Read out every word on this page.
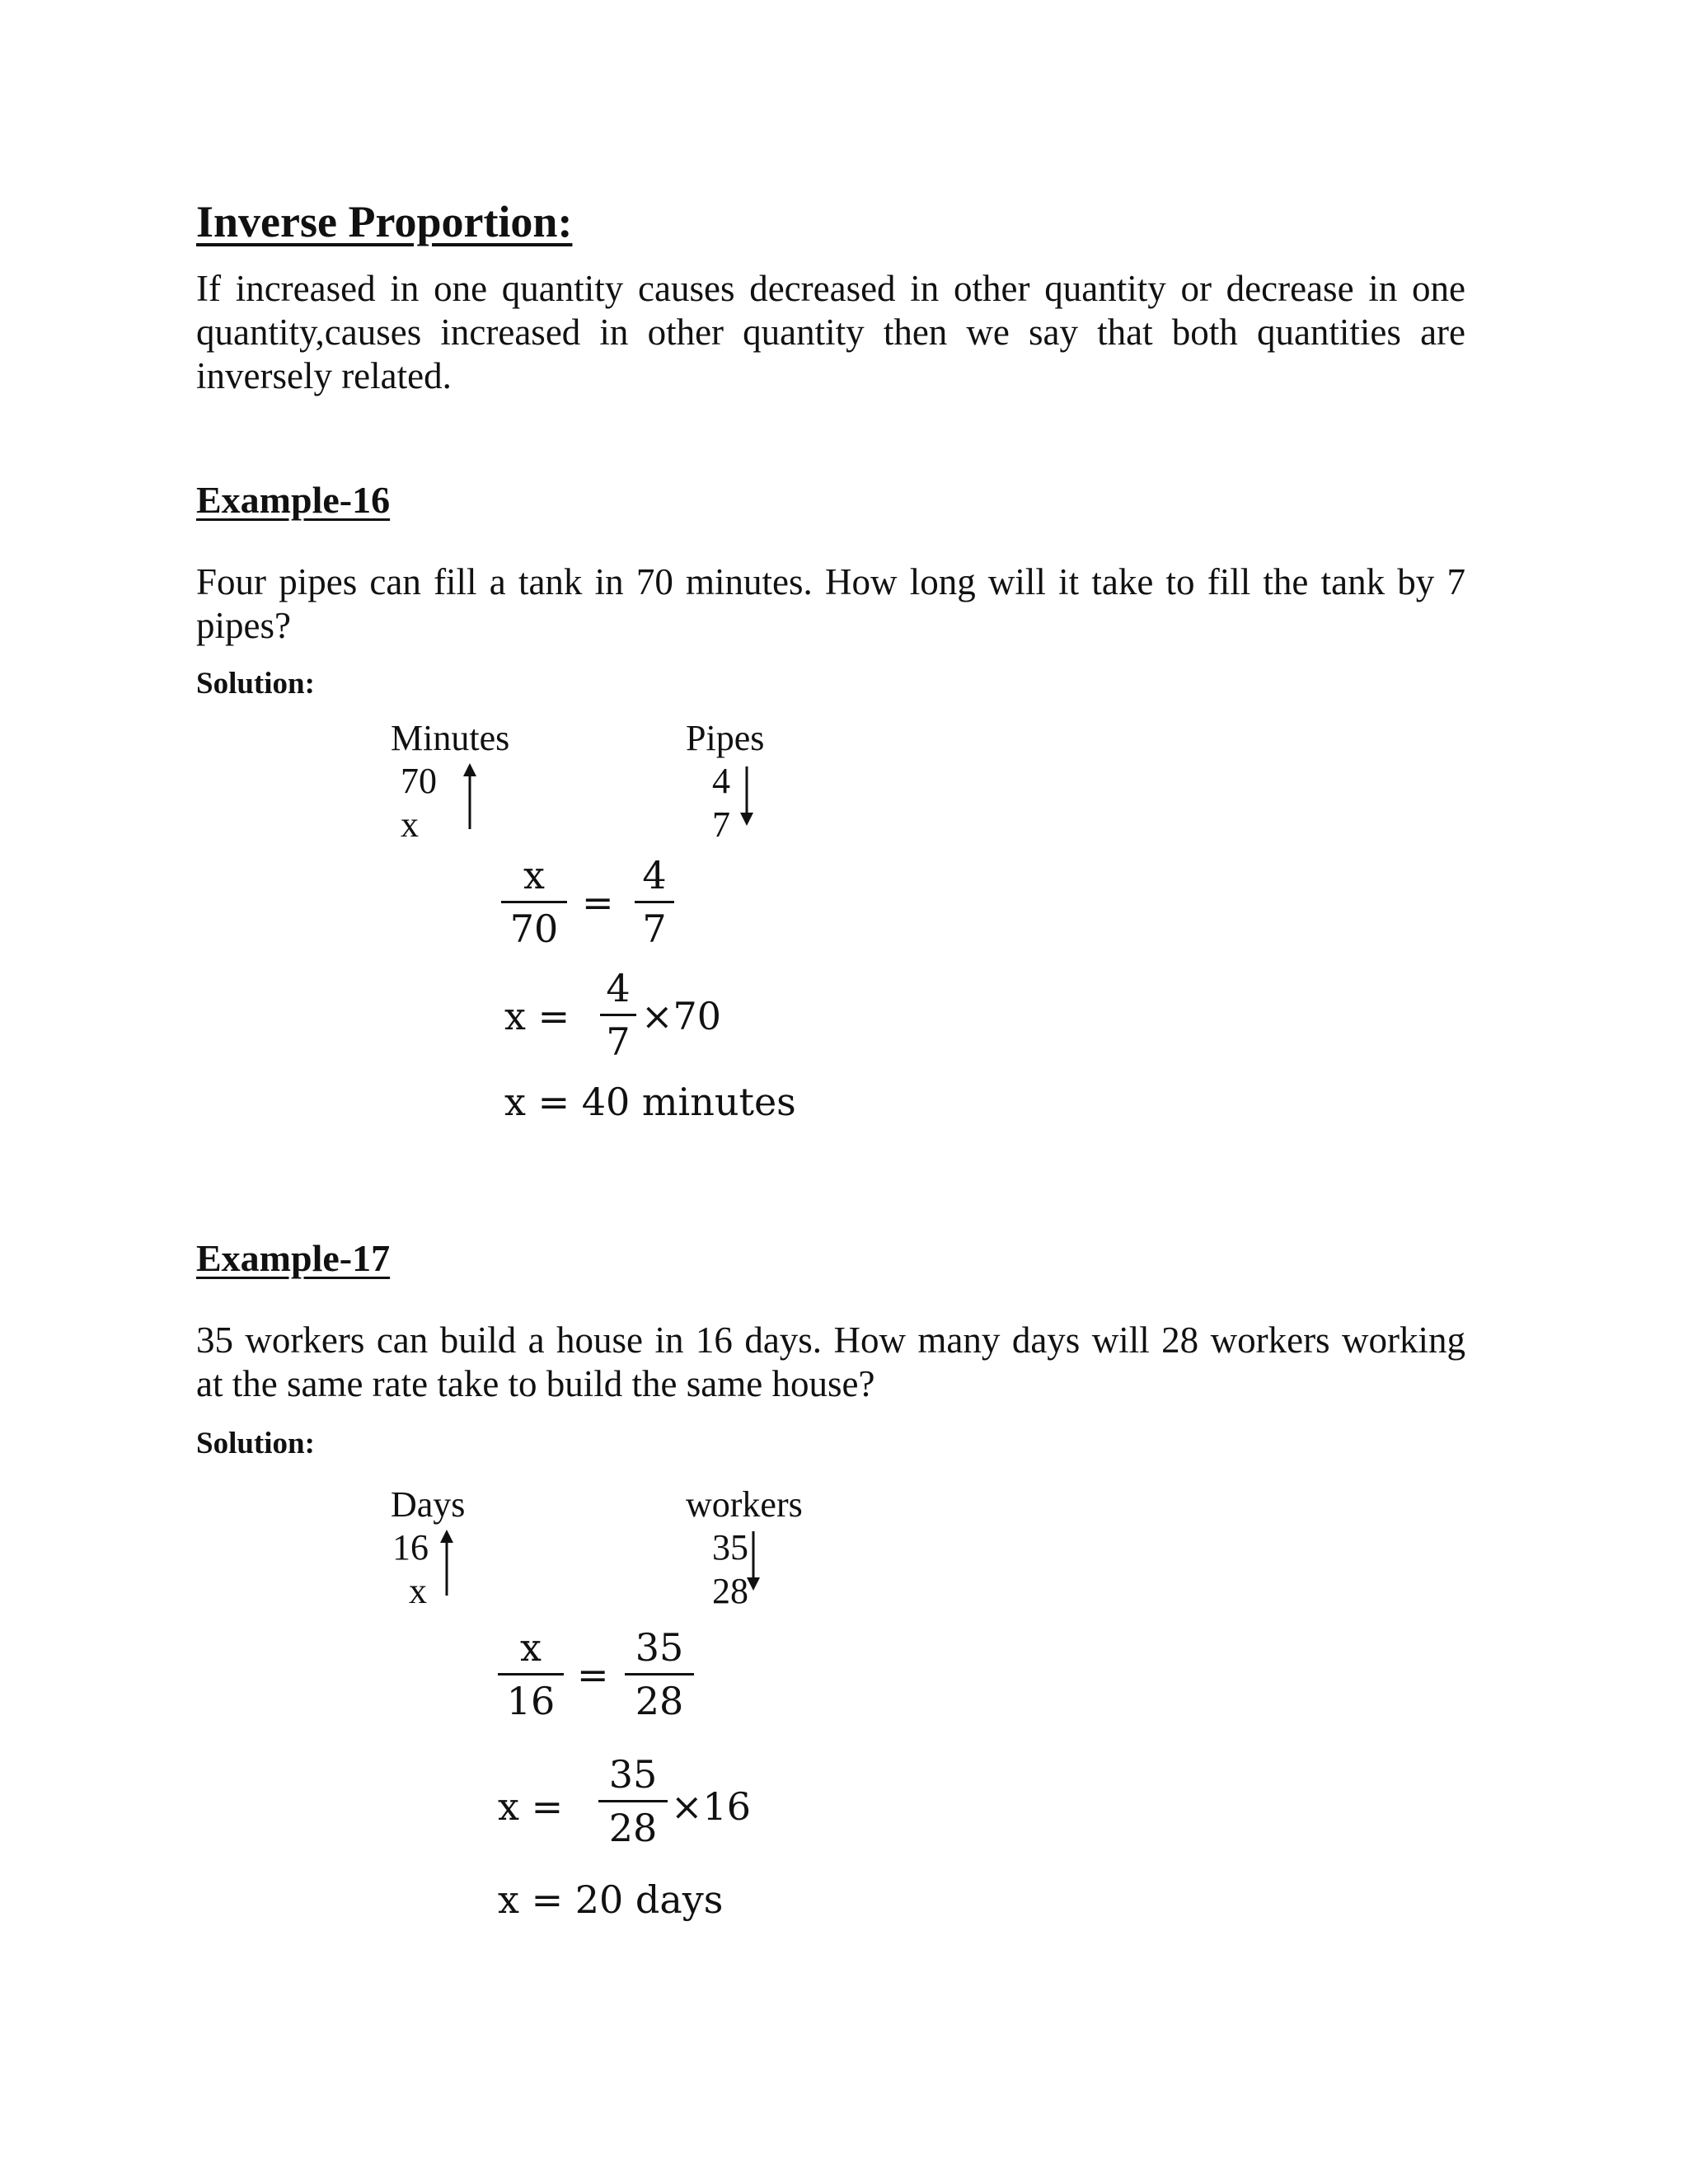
Inverse Proportion:
If increased in one quantity causes decreased in other quantity or decrease in one
quantity,causes increased in other quantity then we say that both quantities are
inversely related.
Example-16
Four pipes can fill a tank in 70 minutes. How long will it take to fill the tank by 7
pipes?
Solution:
Minutes
70
x
Pipes
4
7
x
70
=
4
7
x =
4
7
×70
x = 40 minutes
Example-17
35 workers can build a house in 16 days. How many days will 28 workers working
at the same rate take to build the same house?
Solution:
Days
16
x
workers
35
28
x
16
=
35
28
x =
35
28 ×16
x = 20 days
